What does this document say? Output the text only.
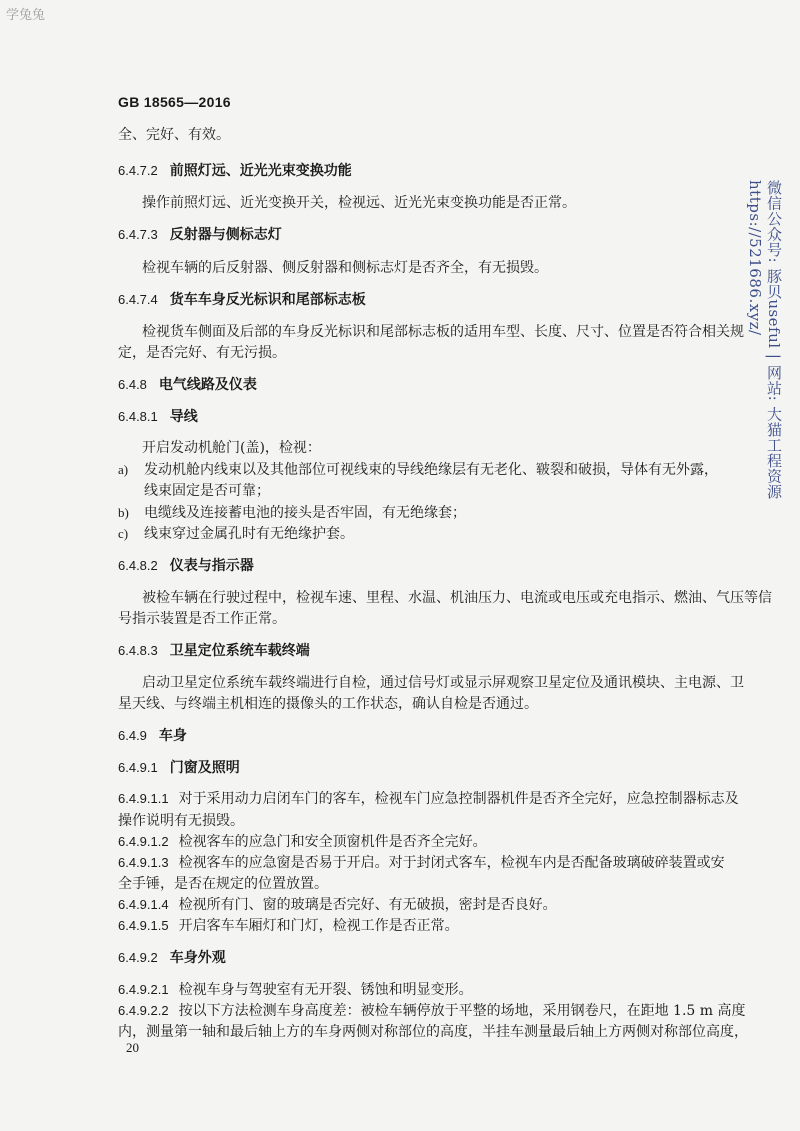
学兔兔
GB 18565—2016
微信公众号: 豚贝useful | 网站: 大猫工程资源 https://521686.xyz/
全、完好、有效。
6.4.7.2 前照灯远、近光光束变换功能
操作前照灯远、近光变换开关，检视远、近光光束变换功能是否正常。
6.4.7.3 反射器与侧标志灯
检视车辆的后反射器、侧反射器和侧标志灯是否齐全，有无损毁。
6.4.7.4 货车车身反光标识和尾部标志板
检视货车侧面及后部的车身反光标识和尾部标志板的适用车型、长度、尺寸、位置是否符合相关规
定，是否完好、有无污损。
6.4.8 电气线路及仪表
6.4.8.1 导线
开启发动机舱门(盖)，检视：
a) 发动机舱内线束以及其他部位可视线束的导线绝缘层有无老化、皲裂和破损，导体有无外露，
线束固定是否可靠；
b) 电缆线及连接蓄电池的接头是否牢固，有无绝缘套；
c) 线束穿过金属孔时有无绝缘护套。
6.4.8.2 仪表与指示器
被检车辆在行驶过程中，检视车速、里程、水温、机油压力、电流或电压或充电指示、燃油、气压等信
号指示装置是否工作正常。
6.4.8.3 卫星定位系统车载终端
启动卫星定位系统车载终端进行自检，通过信号灯或显示屏观察卫星定位及通讯模块、主电源、卫
星天线、与终端主机相连的摄像头的工作状态，确认自检是否通过。
6.4.9 车身
6.4.9.1 门窗及照明
6.4.9.1.1 对于采用动力启闭车门的客车，检视车门应急控制器机件是否齐全完好，应急控制器标志及
操作说明有无损毁。
6.4.9.1.2 检视客车的应急门和安全顶窗机件是否齐全完好。
6.4.9.1.3 检视客车的应急窗是否易于开启。对于封闭式客车，检视车内是否配备玻璃破碎装置或安
全手锤，是否在规定的位置放置。
6.4.9.1.4 检视所有门、窗的玻璃是否完好、有无破损，密封是否良好。
6.4.9.1.5 开启客车车厢灯和门灯，检视工作是否正常。
6.4.9.2 车身外观
6.4.9.2.1 检视车身与驾驶室有无开裂、锈蚀和明显变形。
6.4.9.2.2 按以下方法检测车身高度差：被检车辆停放于平整的场地，采用钢卷尺，在距地 1.5 m 高度
内，测量第一轴和最后轴上方的车身两侧对称部位的高度，半挂车测量最后轴上方两侧对称部位高度，
20
